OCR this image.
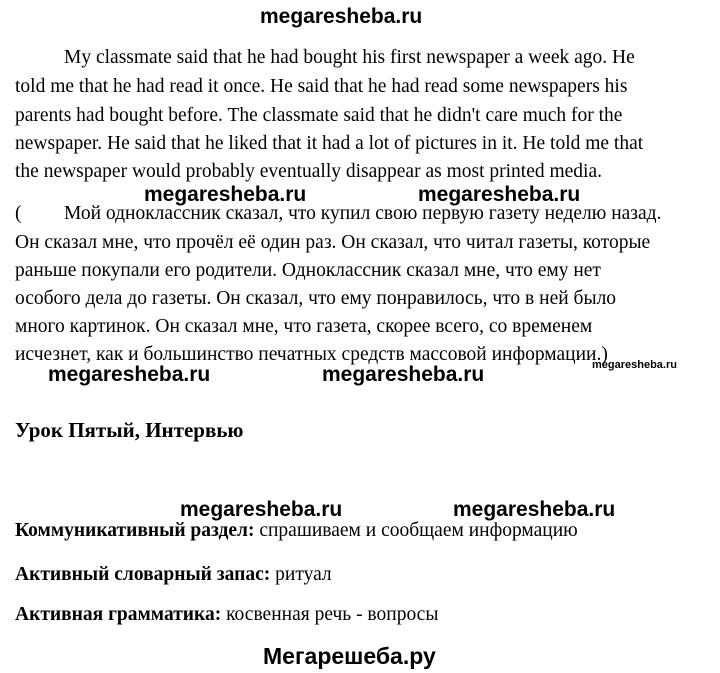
megaresheba.ru
megaresheba.ru	megaresheba.ru
megaresheba.ru	megaresheba.ru	megaresheba.ru
megaresheba.ru	megaresheba.ru
Мегарешеба.ру
My classmate said that he had bought his first newspaper a week ago. He
told me that he had read it once. He said that he had read some newspapers his
parents had bought before. The classmate said that he didn't care much for the
newspaper. He said that he liked that it had a lot of pictures in it. He told me that
the newspaper would probably eventually disappear as most printed media.
( Мой одноклассник сказал, что купил свою первую газету неделю назад.
Он сказал мне, что прочёл её один раз. Он сказал, что читал газеты, которые
раньше покупали его родители. Одноклассник сказал мне, что ему нет
особого дела до газеты. Он сказал, что ему понравилось, что в ней было
много картинок. Он сказал мне, что газета, скорее всего, со временем
исчезнет, как и большинство печатных средств массовой информации.)
Урок Пятый, Интервью
Коммуникативный раздел: спрашиваем и сообщаем информацию
Активный словарный запас: ритуал
Активная грамматика: косвенная речь - вопросы
